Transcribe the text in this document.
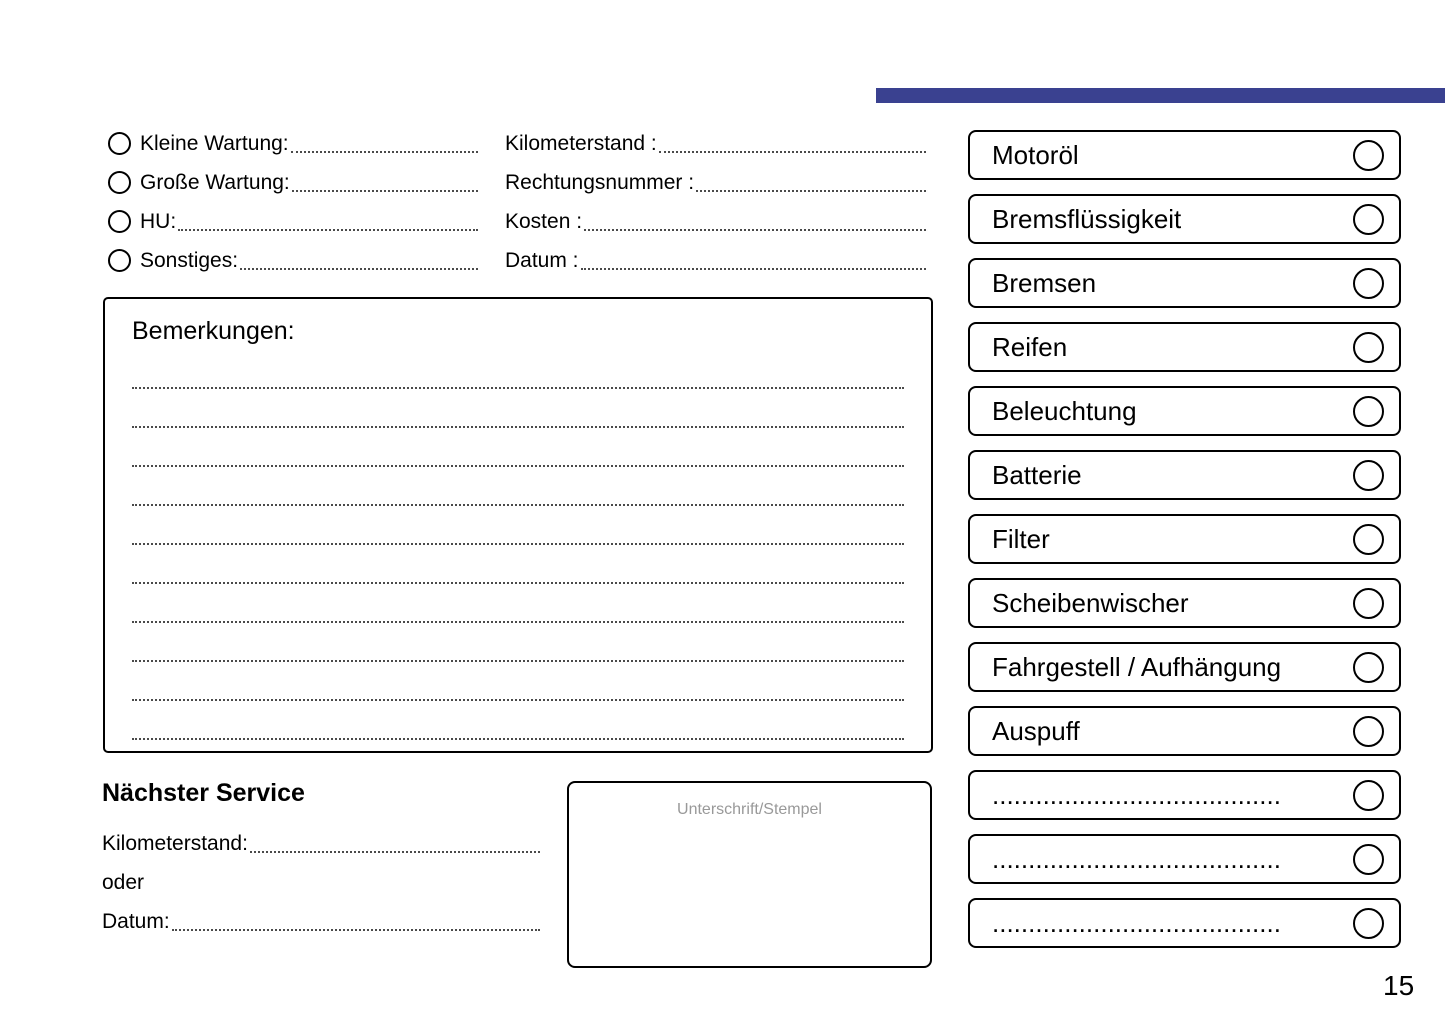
Kleine Wartung:
Große Wartung:
HU:
Sonstiges:
Kilometerstand :
Rechtungsnummer :
Kosten :
Datum :
Bemerkungen:
Nächster Service
Kilometerstand:
oder
Datum:
Unterschrift/Stempel
Motoröl
Bremsflüssigkeit
Bremsen
Reifen
Beleuchtung
Batterie
Filter
Scheibenwischer
Fahrgestell / Aufhängung
Auspuff
........................................
........................................
........................................
15
